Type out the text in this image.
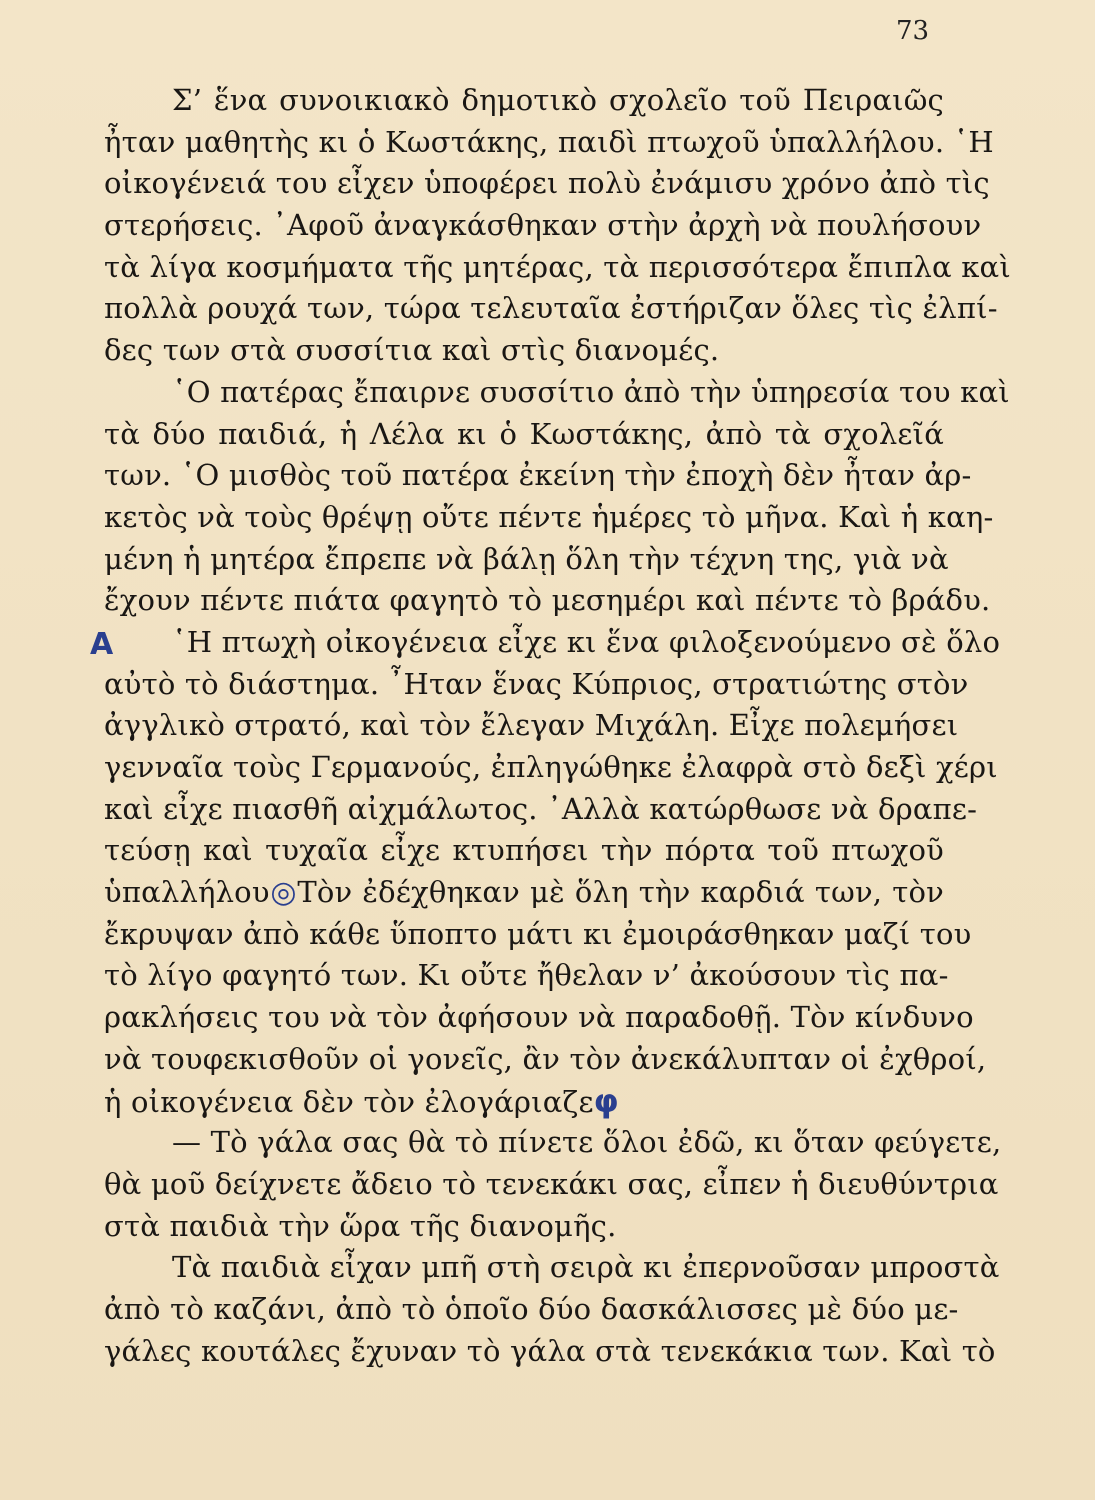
73
Σ’ ἕνα συνοικιακὸ δημοτικὸ σχολεῖο τοῦ Πειραιῶς
ἦταν μαθητὴς κι ὁ Κωστάκης, παιδὶ πτωχοῦ ὑπαλλήλου. ῾Η
οἰκογένειά του εἶχεν ὑποφέρει πολὺ ἐνάμισυ χρόνο ἀπὸ τὶς
στερήσεις. ᾿Αφοῦ ἀναγκάσθηκαν στὴν ἀρχὴ νὰ πουλήσουν
τὰ λίγα κοσμήματα τῆς μητέρας, τὰ περισσότερα ἔπιπλα καὶ
πολλὰ ρουχά των, τώρα τελευταῖα ἐστήριζαν ὅλες τὶς ἐλπί-
δες των στὰ συσσίτια καὶ στὶς διανομές.
῾Ο πατέρας ἔπαιρνε συσσίτιο ἀπὸ τὴν ὑπηρεσία του καὶ
τὰ δύο παιδιά, ἡ Λέλα κι ὁ Κωστάκης, ἀπὸ τὰ σχολεῖά
των. ῾Ο μισθὸς τοῦ πατέρα ἐκείνη τὴν ἐποχὴ δὲν ἦταν ἀρ-
κετὸς νὰ τοὺς θρέψῃ οὔτε πέντε ἡμέρες τὸ μῆνα. Καὶ ἡ καη-
μένη ἡ μητέρα ἔπρεπε νὰ βάλῃ ὅλη τὴν τέχνη της, γιὰ νὰ
ἔχουν πέντε πιάτα φαγητὸ τὸ μεσημέρι καὶ πέντε τὸ βράδυ.
A ῾Η πτωχὴ οἰκογένεια εἶχε κι ἕνα φιλοξενούμενο σὲ ὅλο
αὐτὸ τὸ διάστημα. ῏Ηταν ἕνας Κύπριος, στρατιώτης στὸν
ἀγγλικὸ στρατό, καὶ τὸν ἔλεγαν Μιχάλη. Εἶχε πολεμήσει
γενναῖα τοὺς Γερμανούς, ἐπληγώθηκε ἐλαφρὰ στὸ δεξὶ χέρι
καὶ εἶχε πιασθῆ αἰχμάλωτος. ᾿Αλλὰ κατώρθωσε νὰ δραπε-
τεύσῃ καὶ τυχαῖα εἶχε κτυπήσει τὴν πόρτα τοῦ πτωχοῦ
ὑπαλλήλου◎Τὸν ἐδέχθηκαν μὲ ὅλη τὴν καρδιά των, τὸν
ἔκρυψαν ἀπὸ κάθε ὕποπτο μάτι κι ἐμοιράσθηκαν μαζί του
τὸ λίγο φαγητό των. Κι οὔτε ἤθελαν ν’ ἀκούσουν τὶς πα-
ρακλήσεις του νὰ τὸν ἀφήσουν νὰ παραδοθῇ. Τὸν κίνδυνο
νὰ τουφεκισθοῦν οἱ γονεῖς, ἂν τὸν ἀνεκάλυπταν οἱ ἐχθροί,
ἡ οἰκογένεια δὲν τὸν ἐλογάριαζεφ
— Τὸ γάλα σας θὰ τὸ πίνετε ὅλοι ἐδῶ, κι ὅταν φεύγετε,
θὰ μοῦ δείχνετε ἄδειο τὸ τενεκάκι σας, εἶπεν ἡ διευθύντρια
στὰ παιδιὰ τὴν ὥρα τῆς διανομῆς.
Τὰ παιδιὰ εἶχαν μπῆ στὴ σειρὰ κι ἐπερνοῦσαν μπροστὰ
ἀπὸ τὸ καζάνι, ἀπὸ τὸ ὁποῖο δύο δασκάλισσες μὲ δύο με-
γάλες κουτάλες ἔχυναν τὸ γάλα στὰ τενεκάκια των. Καὶ τὸ
